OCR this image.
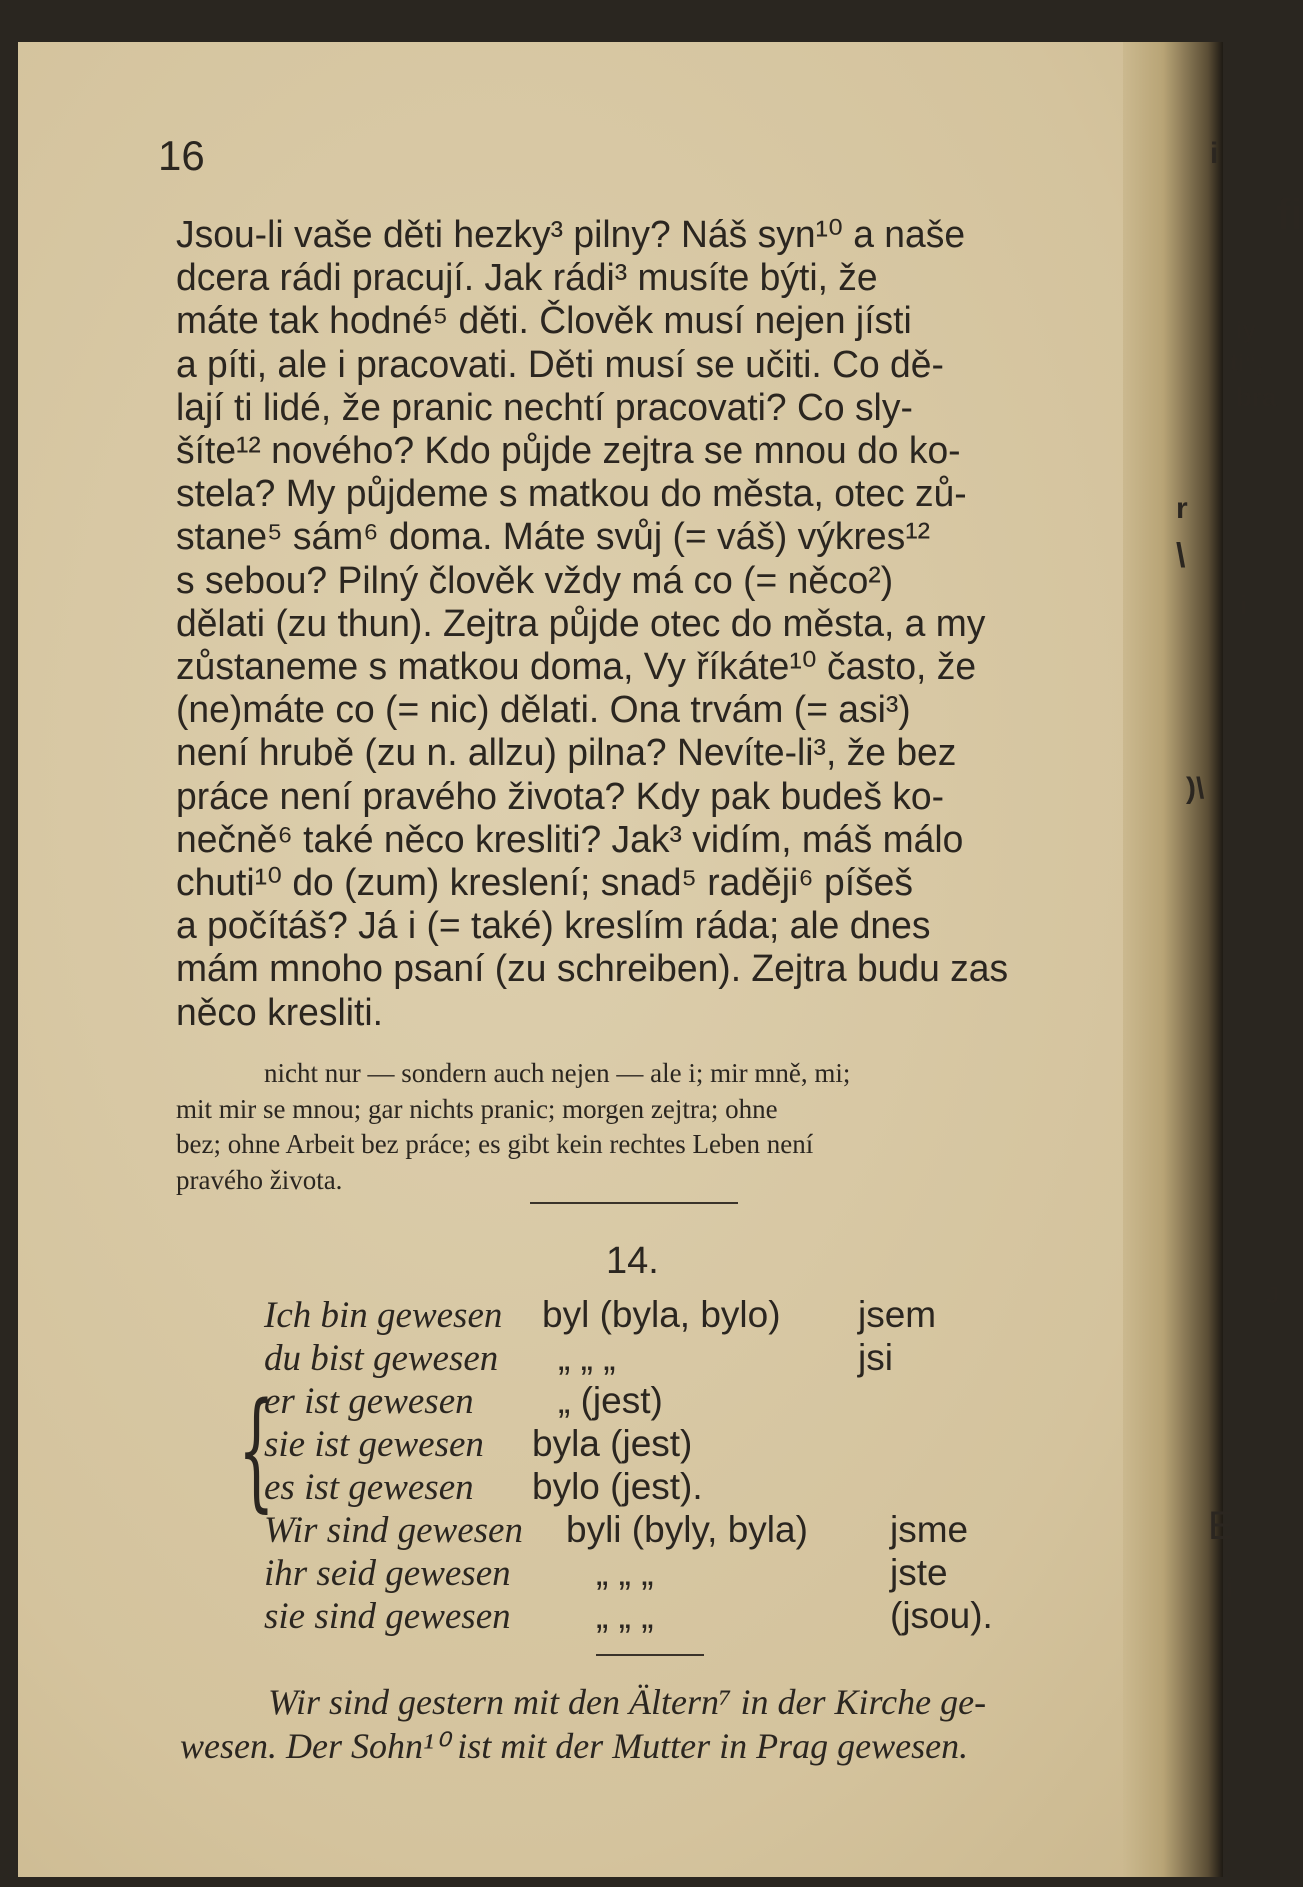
i
fi
iy
ti“,
bra
r
\
i
)\
J
E
i
16

Jsou-li vaše děti hezky³ pilny? Náš syn¹⁰ a naše

dcera rádi pracují. Jak rádi³ musíte býti, že

máte tak hodné⁵ děti. Člověk musí nejen jísti

a píti, ale i pracovati. Děti musí se učiti. Co dě-

lají ti lidé, že pranic nechtí pracovati? Co sly-

šíte¹² nového? Kdo půjde zejtra se mnou do ko-

stela? My půjdeme s matkou do města, otec zů-

stane⁵ sám⁶ doma. Máte svůj (= váš) výkres¹²

s sebou? Pilný člověk vždy má co (= něco²)

dělati (zu thun). Zejtra půjde otec do města, a my

zůstaneme s matkou doma, Vy říkáte¹⁰ často, že

(ne)máte co (= nic) dělati. Ona trvám (= asi³)

není hrubě (zu n. allzu) pilna? Nevíte-li³, že bez

práce není pravého života? Kdy pak budeš ko-

nečně⁶ také něco kresliti? Jak³ vidím, máš málo

chuti¹⁰ do (zum) kreslení; snad⁵ raději⁶ píšeš

a počítáš? Já i (= také) kreslím ráda; ale dnes

mám mnoho psaní (zu schreiben). Zejtra budu zas

něco kresliti.

nicht nur — sondern auch nejen — ale i; mir mně, mi;

mit mir se mnou; gar nichts pranic; morgen zejtra; ohne

bez; ohne Arbeit bez práce; es gibt kein rechtes Leben není

pravého života.

14.
Ich bin gewesen byl (byla, bylo) jsem
du bist gewesen „ „ „	jsi
er ist gewesen „ (jest)
sie ist gewesen byla (jest)
es ist gewesen bylo (jest).
Wir sind gewesen byli (byly, byla) jsme
ihr seid gewesen „ „ „	jste
sie sind gewesen „ „ „	(jsou).
{

Wir sind gestern mit den Ältern⁷ in der Kirche ge-

wesen. Der Sohn¹⁰ ist mit der Mutter in Prag gewesen.
